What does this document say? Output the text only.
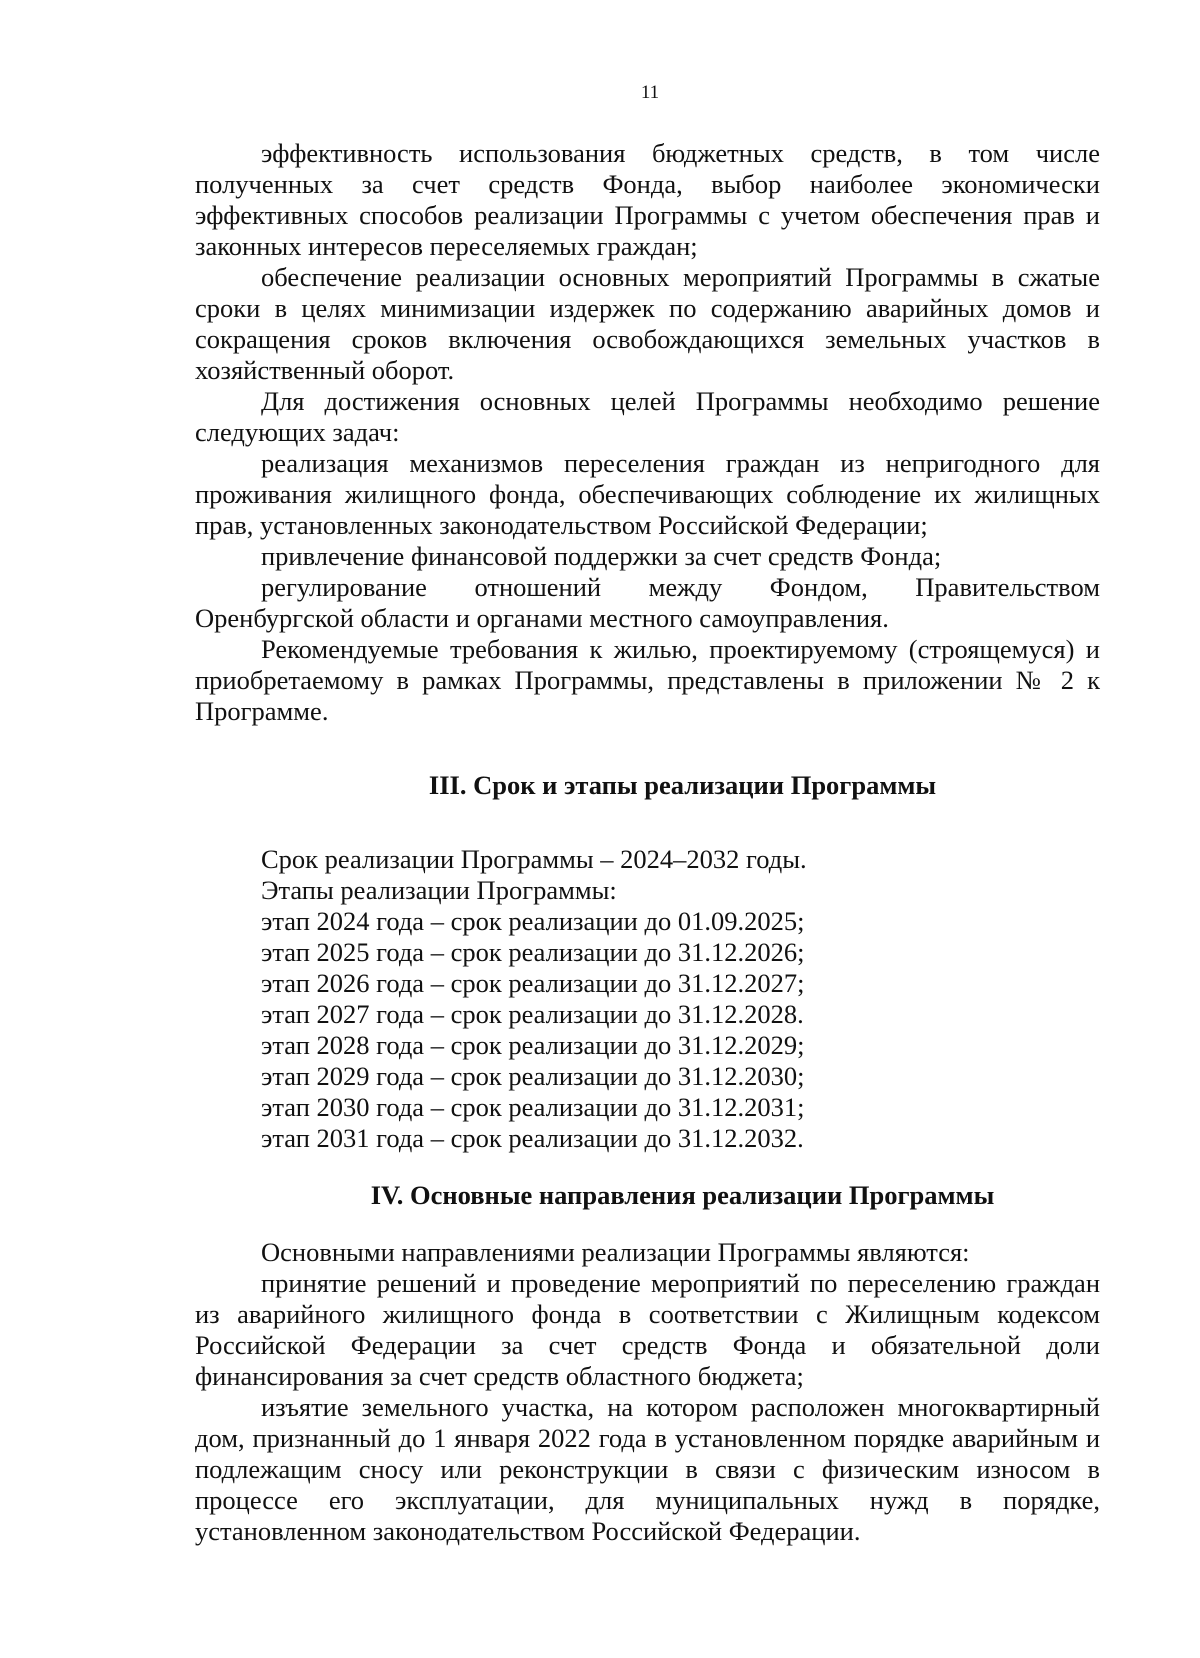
11

эффективность использования бюджетных средств, в том числе полученных за счет средств Фонда, выбор наиболее экономически эффективных способов реализации Программы с учетом обеспечения прав и законных интересов переселяемых граждан;

обеспечение реализации основных мероприятий Программы в сжатые сроки в целях минимизации издержек по содержанию аварийных домов и сокращения сроков включения освобождающихся земельных участков в хозяйственный оборот.

Для достижения основных целей Программы необходимо решение следующих задач:

реализация механизмов переселения граждан из непригодного для проживания жилищного фонда, обеспечивающих соблюдение их жилищных прав, установленных законодательством Российской Федерации;

привлечение финансовой поддержки за счет средств Фонда;

регулирование отношений между Фондом, Правительством Оренбургской области и органами местного самоуправления.

Рекомендуемые требования к жилью, проектируемому (строящемуся) и приобретаемому в рамках Программы, представлены в приложении № 2 к Программе.

III. Срок и этапы реализации Программы

Срок реализации Программы – 2024–2032 годы.

Этапы реализации Программы:

этап 2024 года – срок реализации до 01.09.2025;

этап 2025 года – срок реализации до 31.12.2026;

этап 2026 года – срок реализации до 31.12.2027;

этап 2027 года – срок реализации до 31.12.2028.

этап 2028 года – срок реализации до 31.12.2029;

этап 2029 года – срок реализации до 31.12.2030;

этап 2030 года – срок реализации до 31.12.2031;

этап 2031 года – срок реализации до 31.12.2032.

IV. Основные направления реализации Программы

Основными направлениями реализации Программы являются:

принятие решений и проведение мероприятий по переселению граждан из аварийного жилищного фонда в соответствии с Жилищным кодексом Российской Федерации за счет средств Фонда и обязательной доли финансирования за счет средств областного бюджета;

изъятие земельного участка, на котором расположен многоквартирный дом, признанный до 1 января 2022 года в установленном порядке аварийным и подлежащим сносу или реконструкции в связи с физическим износом в процессе его эксплуатации, для муниципальных нужд в порядке, установленном законодательством Российской Федерации.
